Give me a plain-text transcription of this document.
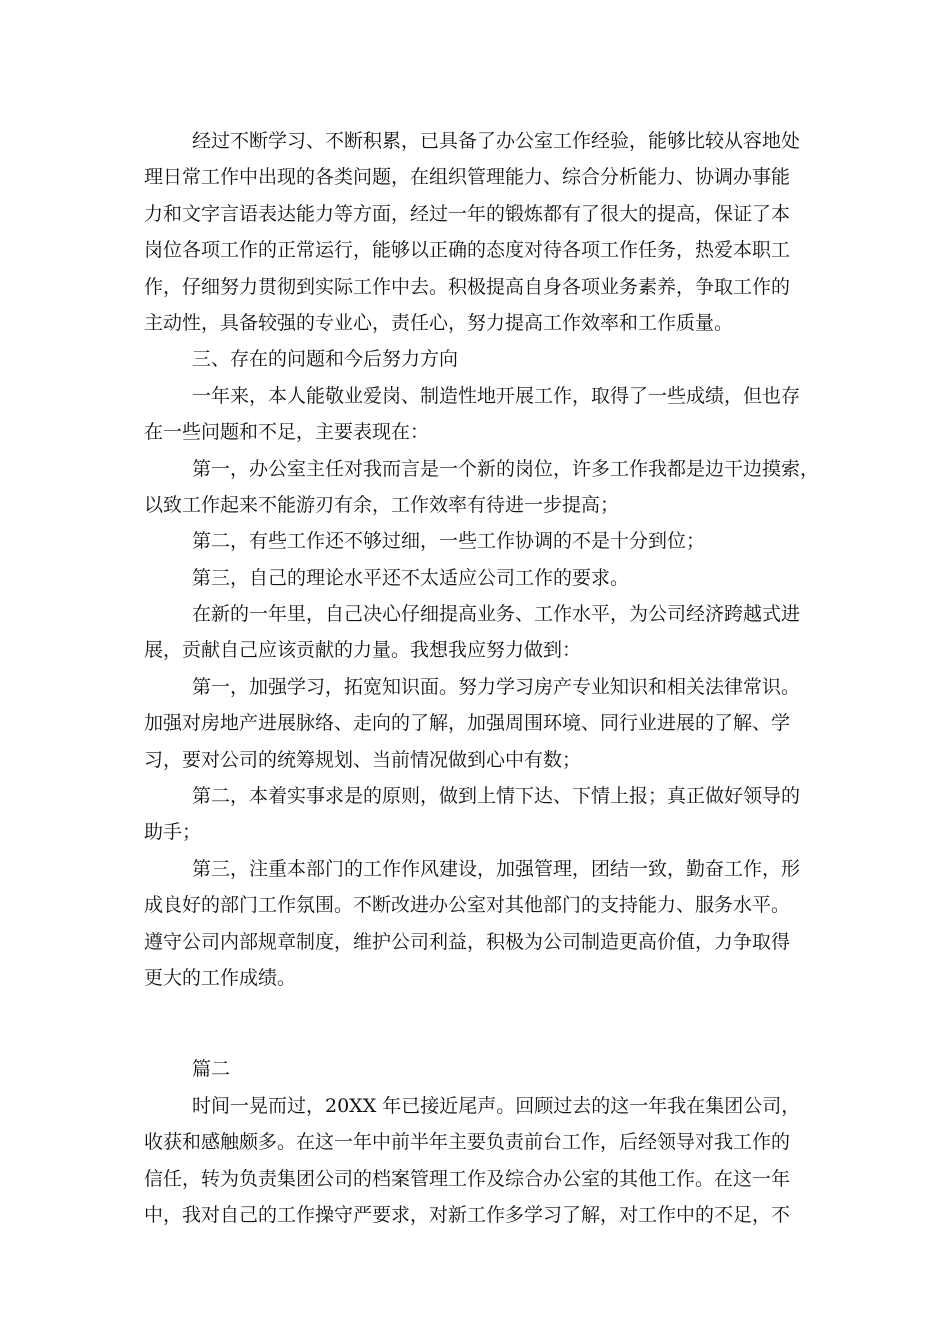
经过不断学习、不断积累，已具备了办公室工作经验，能够比较从容地处
理日常工作中出现的各类问题，在组织管理能力、综合分析能力、协调办事能
力和文字言语表达能力等方面，经过一年的锻炼都有了很大的提高，保证了本
岗位各项工作的正常运行，能够以正确的态度对待各项工作任务，热爱本职工
作，仔细努力贯彻到实际工作中去。积极提高自身各项业务素养，争取工作的
主动性，具备较强的专业心，责任心，努力提高工作效率和工作质量。
三、存在的问题和今后努力方向
一年来，本人能敬业爱岗、制造性地开展工作，取得了一些成绩，但也存
在一些问题和不足，主要表现在：
第一，办公室主任对我而言是一个新的岗位，许多工作我都是边干边摸索，
以致工作起来不能游刃有余，工作效率有待进一步提高；
第二，有些工作还不够过细，一些工作协调的不是十分到位；
第三，自己的理论水平还不太适应公司工作的要求。
在新的一年里，自己决心仔细提高业务、工作水平，为公司经济跨越式进
展，贡献自己应该贡献的力量。我想我应努力做到：
第一，加强学习，拓宽知识面。努力学习房产专业知识和相关法律常识。
加强对房地产进展脉络、走向的了解，加强周围环境、同行业进展的了解、学
习，要对公司的统筹规划、当前情况做到心中有数；
第二，本着实事求是的原则，做到上情下达、下情上报；真正做好领导的
助手；
第三，注重本部门的工作作风建设，加强管理，团结一致，勤奋工作，形
成良好的部门工作氛围。不断改进办公室对其他部门的支持能力、服务水平。
遵守公司内部规章制度，维护公司利益，积极为公司制造更高价值，力争取得
更大的工作成绩。
篇二
时间一晃而过，20XX 年已接近尾声。回顾过去的这一年我在集团公司，
收获和感触颇多。在这一年中前半年主要负责前台工作，后经领导对我工作的
信任，转为负责集团公司的档案管理工作及综合办公室的其他工作。在这一年
中，我对自己的工作操守严要求，对新工作多学习了解，对工作中的不足，不
